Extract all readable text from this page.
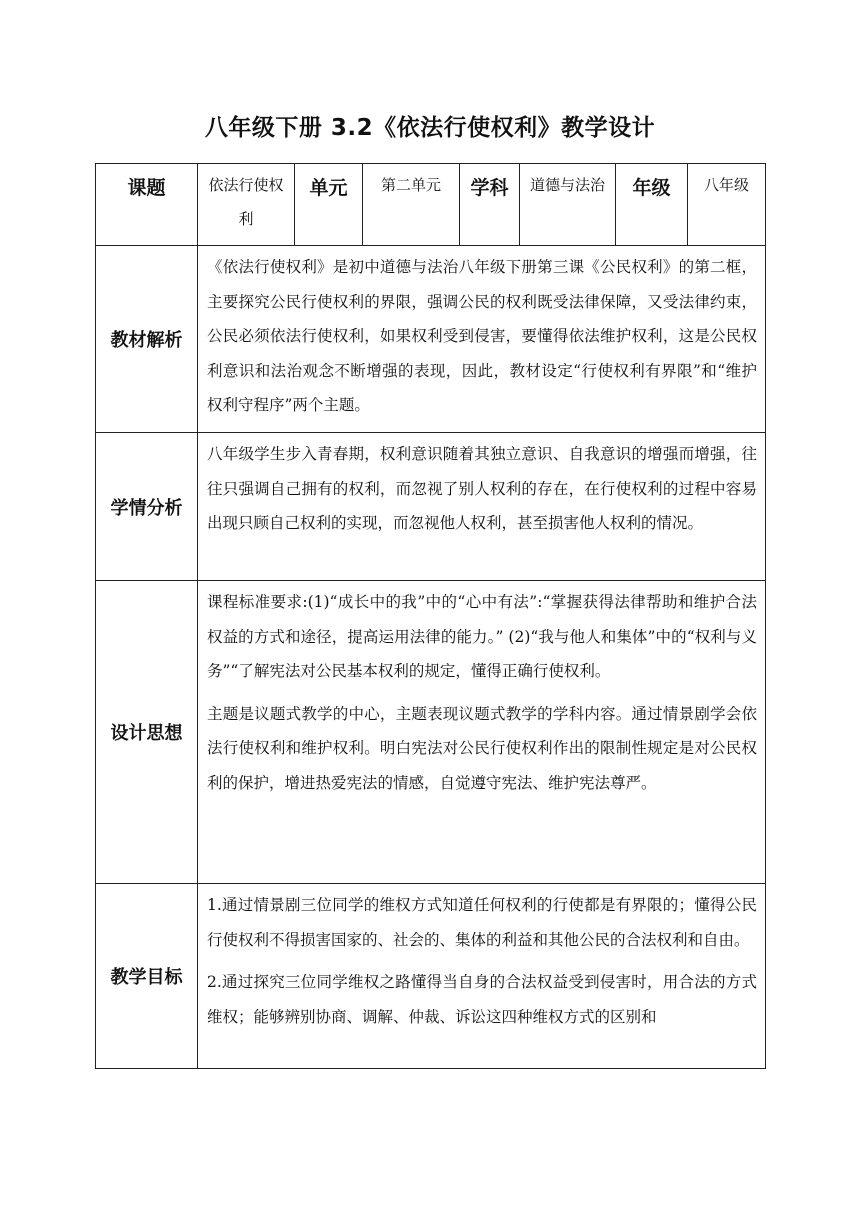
八年级下册 3.2《依法行使权利》教学设计
课题	依法行使权利	单元	第二单元	学科	道德与法治	年级	八年级
教材解析	《依法行使权利》是初中道德与法治八年级下册第三课《公民权利》的第二框，主要探究公民行使权利的界限，强调公民的权利既受法律保障，又受法律约束，公民必须依法行使权利，如果权利受到侵害，要懂得依法维护权利，这是公民权利意识和法治观念不断增强的表现，因此，教材设定“行使权利有界限”和“维护权利守程序”两个主题。						

学情分析	八年级学生步入青春期，权利意识随着其独立意识、自我意识的增强而增强，往往只强调自己拥有的权利，而忽视了别人权利的存在，在行使权利的过程中容易出现只顾自己权利的实现，而忽视他人权利，甚至损害他人权利的情况。						

设计思想	课程标准要求:(1)“成长中的我”中的“心中有法”:“掌握获得法律帮助和维护合法权益的方式和途径，提高运用法律的能力。” (2)“我与他人和集体”中的“权利与义务”“了解宪法对公民基本权利的规定，懂得正确行使权利。

主题是议题式教学的中心，主题表现议题式教学的学科内容。通过情景剧学会依法行使权利和维护权利。明白宪法对公民行使权利作出的限制性规定是对公民权利的保护，增进热爱宪法的情感，自觉遵守宪法、维护宪法尊严。						

教学目标	1.通过情景剧三位同学的维权方式知道任何权利的行使都是有界限的；懂得公民行使权利不得损害国家的、社会的、集体的利益和其他公民的合法权利和自由。

2.通过探究三位同学维权之路懂得当自身的合法权益受到侵害时，用合法的方式维权；能够辨别协商、调解、仲裁、诉讼这四种维权方式的区别和						
